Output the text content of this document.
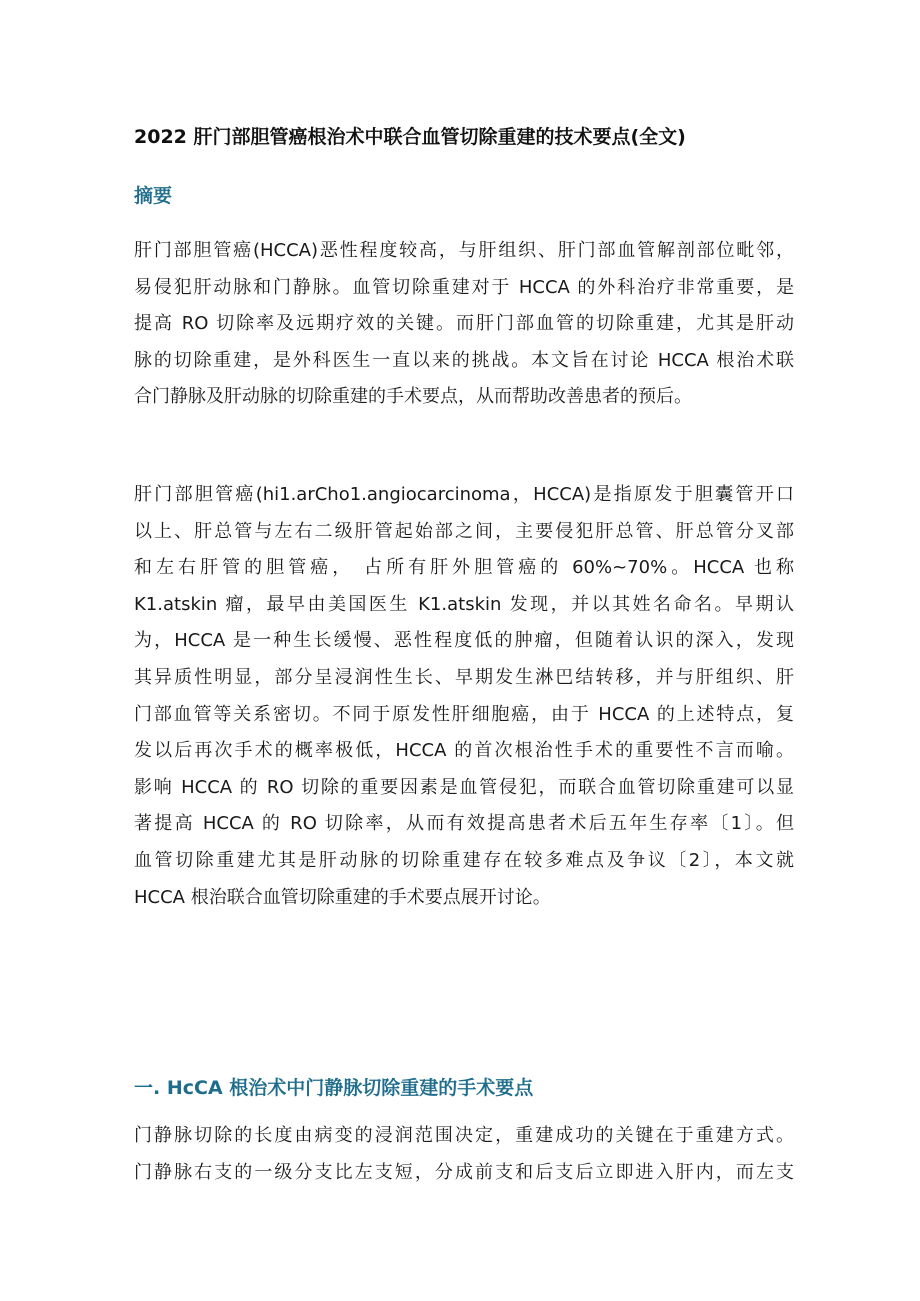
2022 肝门部胆管癌根治术中联合血管切除重建的技术要点(全文)
摘要
肝门部胆管癌(HCCA)恶性程度较高，与肝组织、肝门部血管解剖部位毗邻，
易侵犯肝动脉和门静脉。血管切除重建对于 HCCA 的外科治疗非常重要，是
提高 RO 切除率及远期疗效的关键。而肝门部血管的切除重建，尤其是肝动
脉的切除重建，是外科医生一直以来的挑战。本文旨在讨论 HCCA 根治术联
合门静脉及肝动脉的切除重建的手术要点，从而帮助改善患者的预后。
肝门部胆管癌(hi1.arCho1.angiocarcinoma，HCCA)是指原发于胆囊管开口
以上、肝总管与左右二级肝管起始部之间，主要侵犯肝总管、肝总管分叉部
和左右肝管的胆管癌， 占所有肝外胆管癌的 60%~70%。HCCA 也称
K1.atskin 瘤，最早由美国医生 K1.atskin 发现，并以其姓名命名。早期认
为，HCCA 是一种生长缓慢、恶性程度低的肿瘤，但随着认识的深入，发现
其异质性明显，部分呈浸润性生长、早期发生淋巴结转移，并与肝组织、肝
门部血管等关系密切。不同于原发性肝细胞癌，由于 HCCA 的上述特点，复
发以后再次手术的概率极低，HCCA 的首次根治性手术的重要性不言而喻。
影响 HCCA 的 RO 切除的重要因素是血管侵犯，而联合血管切除重建可以显
著提高 HCCA 的 RO 切除率，从而有效提高患者术后五年生存率〔1〕。但
血管切除重建尤其是肝动脉的切除重建存在较多难点及争议〔2〕，本文就
HCCA 根治联合血管切除重建的手术要点展开讨论。
一. HcCA 根治术中门静脉切除重建的手术要点
门静脉切除的长度由病变的浸润范围决定，重建成功的关键在于重建方式。
门静脉右支的一级分支比左支短，分成前支和后支后立即进入肝内，而左支
